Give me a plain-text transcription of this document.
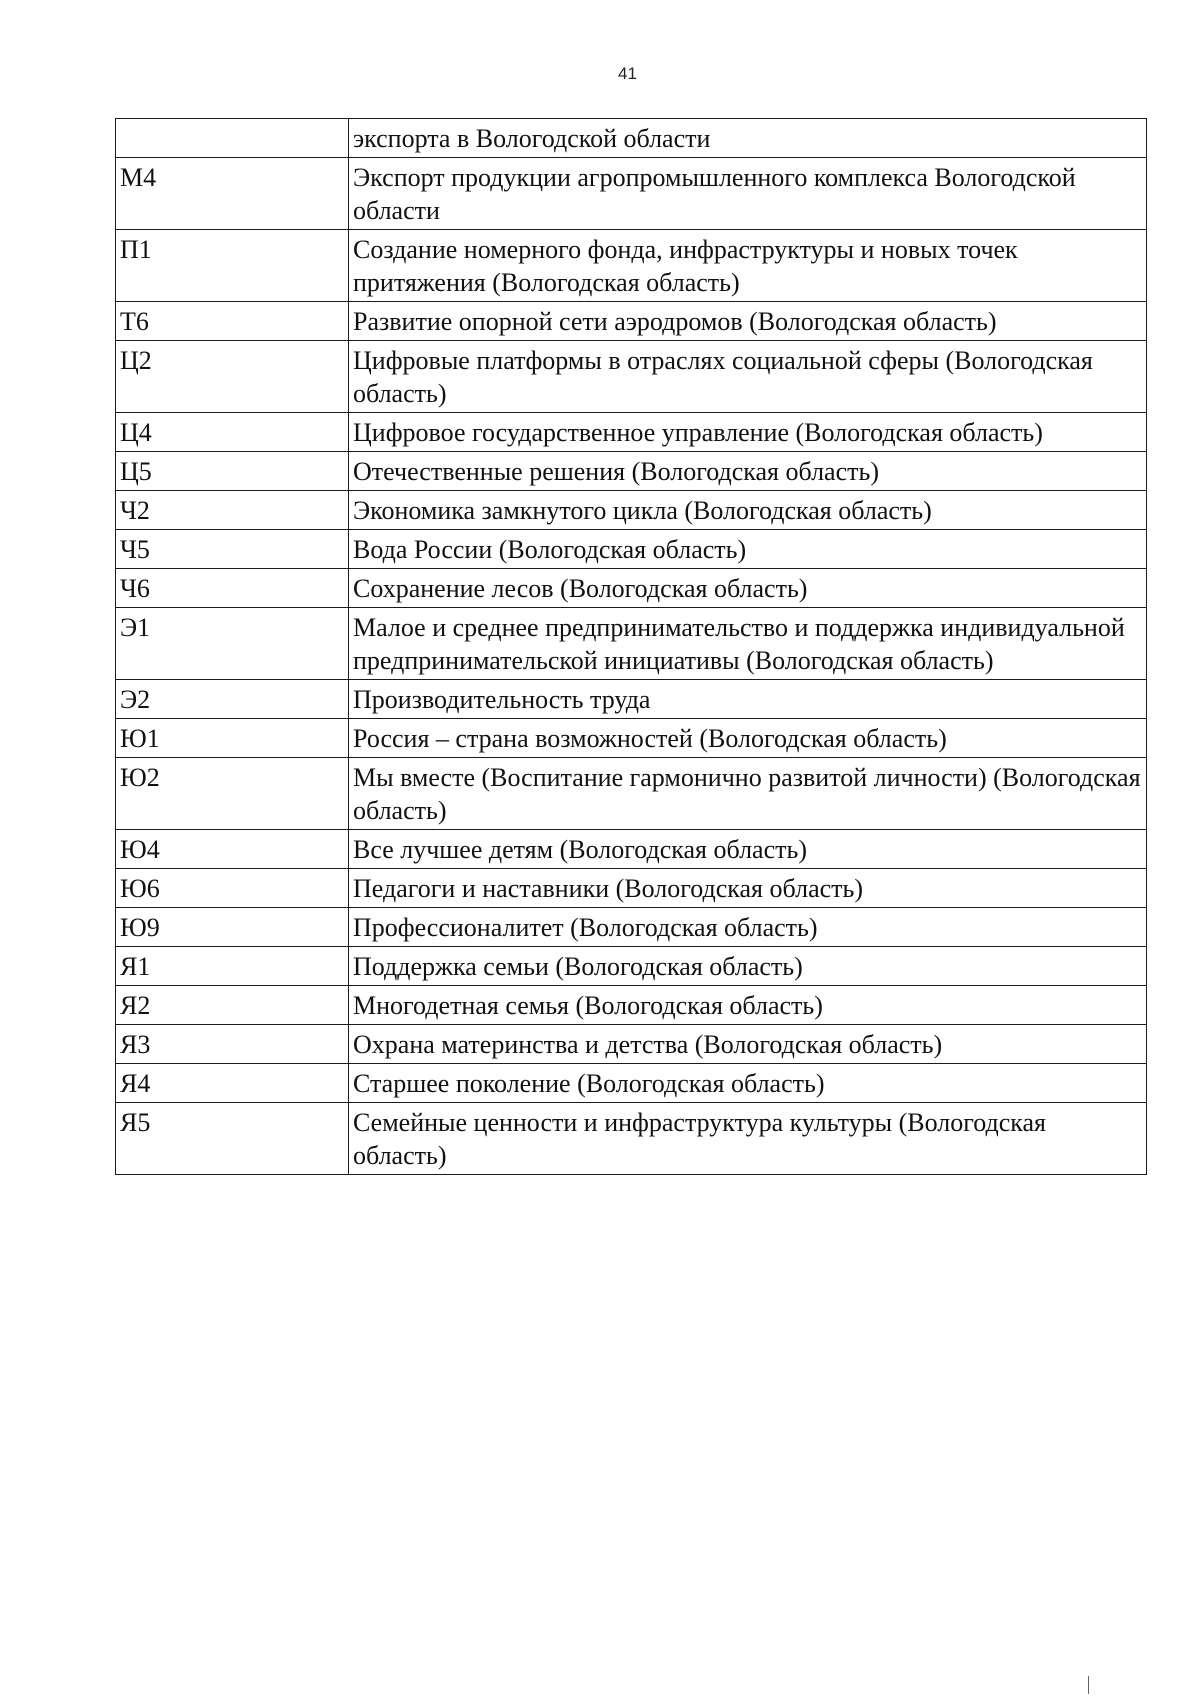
41
	экспорта в Вологодской области
М4	Экспорт продукции агропромышленного комплекса Вологодской области
П1	Создание номерного фонда, инфраструктуры и новых точек притяжения (Вологодская область)
Т6	Развитие опорной сети аэродромов (Вологодская область)
Ц2	Цифровые платформы в отраслях социальной сферы (Вологодская область)
Ц4	Цифровое государственное управление (Вологодская область)
Ц5	Отечественные решения (Вологодская область)
Ч2	Экономика замкнутого цикла (Вологодская область)
Ч5	Вода России (Вологодская область)
Ч6	Сохранение лесов (Вологодская область)
Э1	Малое и среднее предпринимательство и поддержка индивидуальной предпринимательской инициативы (Вологодская область)
Э2	Производительность труда
Ю1	Россия – страна возможностей (Вологодская область)
Ю2	Мы вместе (Воспитание гармонично развитой личности) (Вологодская область)
Ю4	Все лучшее детям (Вологодская область)
Ю6	Педагоги и наставники (Вологодская область)
Ю9	Профессионалитет (Вологодская область)
Я1	Поддержка семьи (Вологодская область)
Я2	Многодетная семья (Вологодская область)
Я3	Охрана материнства и детства (Вологодская область)
Я4	Старшее поколение (Вологодская область)
Я5	Семейные ценности и инфраструктура культуры (Вологодская область)
